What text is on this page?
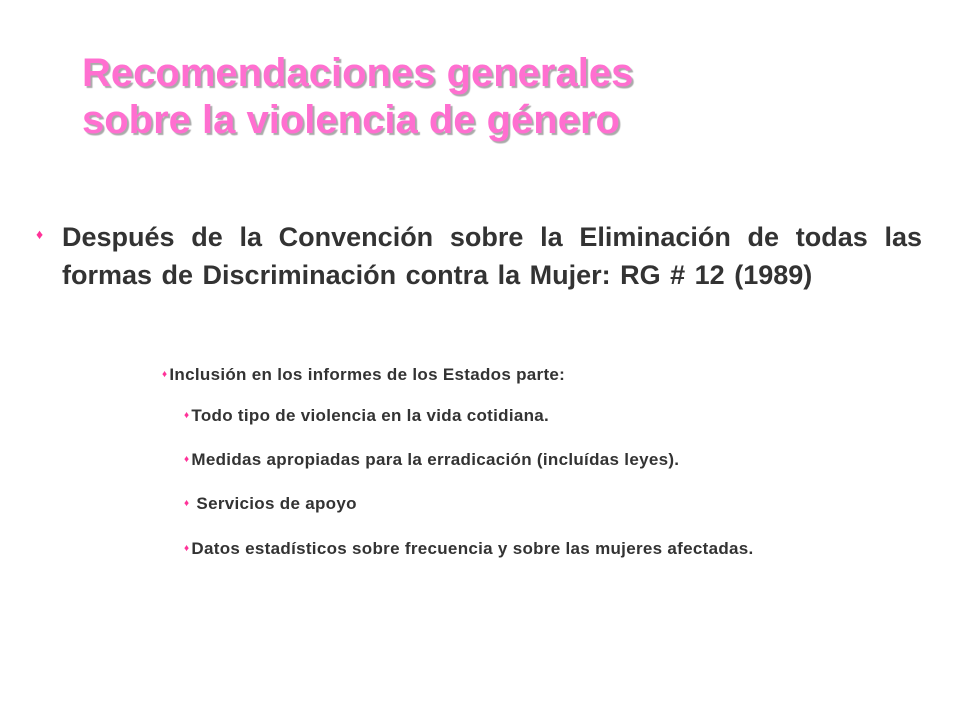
Recomendaciones generales
sobre la violencia de género
♦ Después de la Convención sobre la Eliminación de todas las formas de Discriminación contra la Mujer: RG # 12 (1989)
♦ Inclusión en los informes de los Estados parte:
♦ Todo tipo de violencia en la vida cotidiana.
♦ Medidas apropiadas para la erradicación (incluídas leyes).
♦ Servicios de apoyo
♦ Datos estadísticos sobre frecuencia y sobre las mujeres afectadas.
